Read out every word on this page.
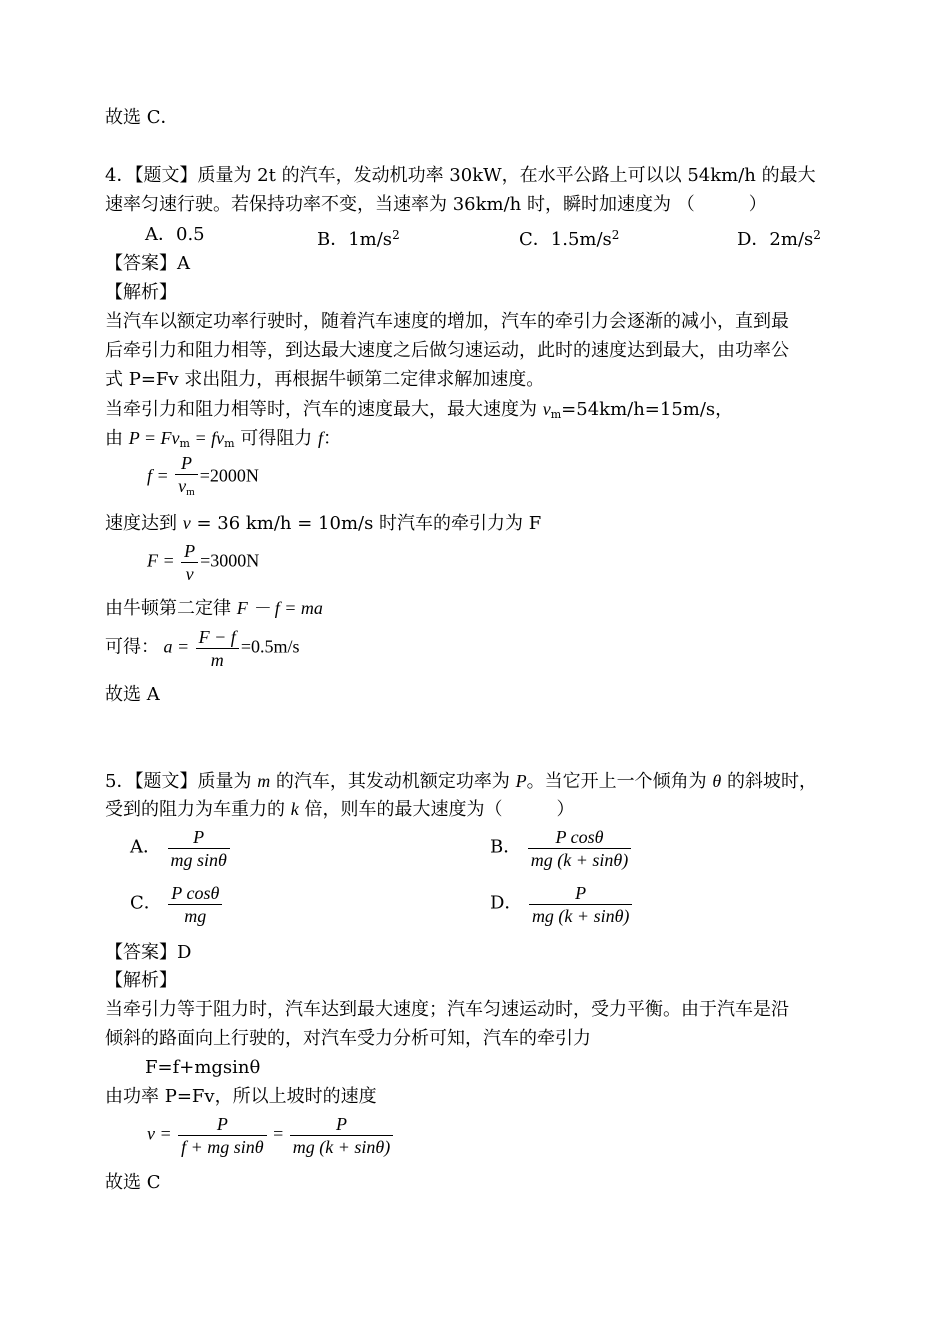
故选 C．
4．【题文】质量为 2t 的汽车，发动机功率 30kW，在水平公路上可以以 54km/h 的最大
速率匀速行驶。若保持功率不变，当速率为 36km/h 时，瞬时加速度为 （　　　）
A．0.5	B．$1m/s^2$	C．$1.5m/s^2$	D．$2m/s^2$
【答案】A
【解析】
当汽车以额定功率行驶时，随着汽车速度的增加，汽车的牵引力会逐渐的减小，直到最
后牵引力和阻力相等，到达最大速度之后做匀速运动，此时的速度达到最大，由功率公
式 P=Fv 求出阻力，再根据牛顿第二定律求解加速度。
当牵引力和阻力相等时，汽车的速度最大，最大速度为 $v_m=54km/h=15m/s$，
由 $P = Fv_m = fv_m$ 可得阻力 f：
$f = \frac{P}{v_m} =2000N$
速度达到 v = 36 km/h = 10m/s 时汽车的牵引力为 F
$F = \frac{P}{v} =3000N$
由牛顿第二定律 F － f = ma
可得： $a = \frac{F - f}{m} =0.5m/s$
故选 A
5．【题文】质量为 m 的汽车，其发动机额定功率为 P。当它开上一个倾角为 θ 的斜坡时，
受到的阻力为车重力的 k 倍，则车的最大速度为（　　　）
A． $\frac{P}{\text{mg sinθ}}$	B． $\frac{\text{P cosθ}}{mg (k + \sin\theta)}$
C． $\frac{\text{P cosθ}}{mg}$	D． $\frac{P}{mg (k + \sin\theta)}$
【答案】D
【解析】
当牵引力等于阻力时，汽车达到最大速度；汽车匀速运动时，受力平衡。由于汽车是沿
倾斜的路面向上行驶的，对汽车受力分析可知，汽车的牵引力
F=f+mgsinθ
由功率 P=Fv，所以上坡时的速度
$v = \frac{P}{\text{f + mg sinθ}} = \frac{P}{mg (k + \sin\theta)}$
故选 C
